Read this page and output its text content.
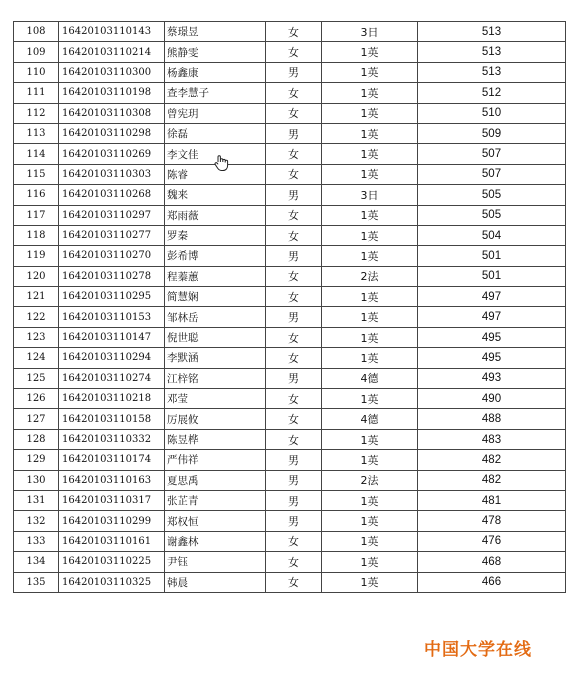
108	16420103110143	蔡璟昱	女	3日	513
109	16420103110214	熊静雯	女	1英	513
110	16420103110300	杨鑫康	男	1英	513
111	16420103110198	查李慧子	女	1英	512
112	16420103110308	曾宪玥	女	1英	510
113	16420103110298	徐磊	男	1英	509
114	16420103110269	李文佳	女	1英	507
115	16420103110303	陈睿	女	1英	507
116	16420103110268	魏来	男	3日	505
117	16420103110297	郑雨薇	女	1英	505
118	16420103110277	罗秦	女	1英	504
119	16420103110270	彭希博	男	1英	501
120	16420103110278	程蓁蕙	女	2法	501
121	16420103110295	简慧娴	女	1英	497
122	16420103110153	邹林岳	男	1英	497
123	16420103110147	倪世聪	女	1英	495
124	16420103110294	李默涵	女	1英	495
125	16420103110274	江梓铭	男	4德	493
126	16420103110218	邓莹	女	1英	490
127	16420103110158	厉展攸	女	4德	488
128	16420103110332	陈昱桦	女	1英	483
129	16420103110174	严伟祥	男	1英	482
130	16420103110163	夏思禹	男	2法	482
131	16420103110317	张芷青	男	1英	481
132	16420103110299	郑权恒	男	1英	478
133	16420103110161	谢鑫林	女	1英	476
134	16420103110225	尹钰	女	1英	468
135	16420103110325	韩晨	女	1英	466
中国大学在线
